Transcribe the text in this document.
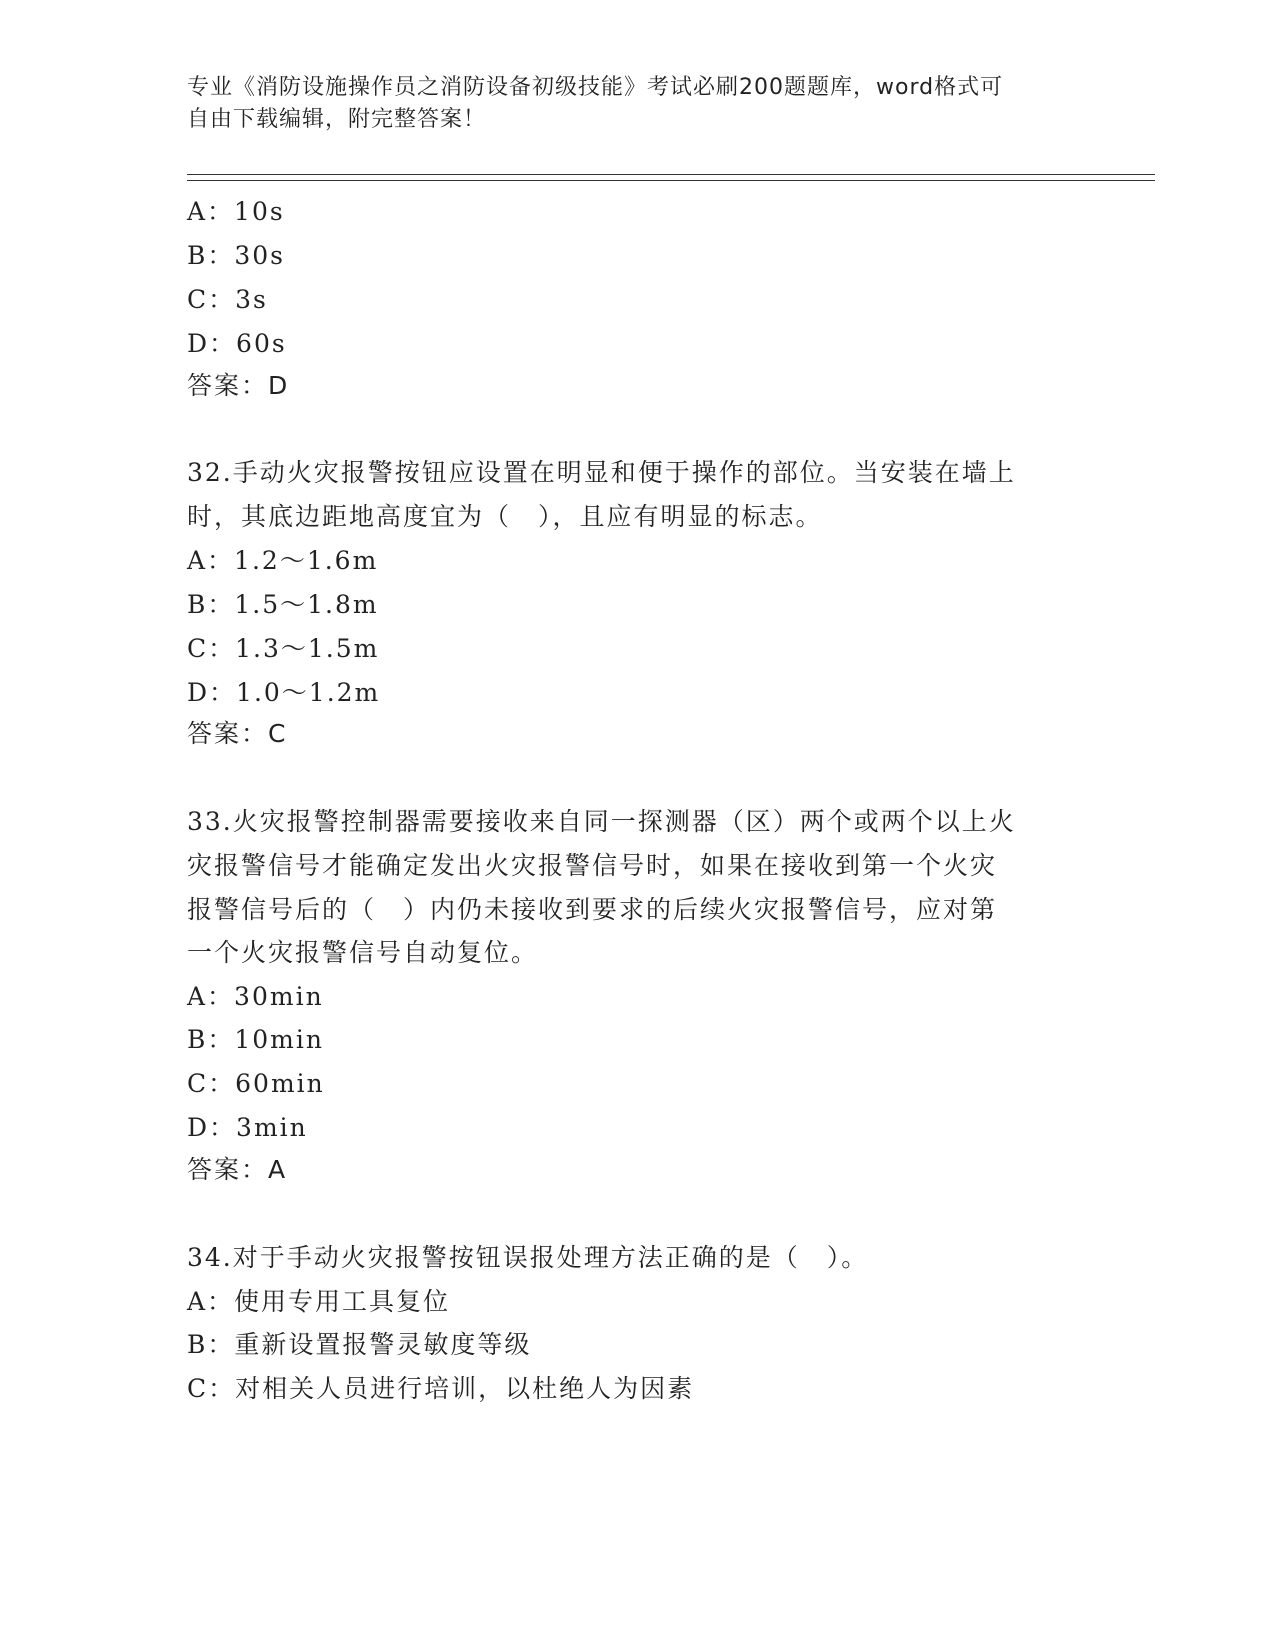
专业《消防设施操作员之消防设备初级技能》考试必刷200题题库，word格式可
自由下载编辑，附完整答案！
A：10s
B：30s
C：3s
D：60s
答案：D
32.手动火灾报警按钮应设置在明显和便于操作的部位。当安装在墙上
时，其底边距地高度宜为（　），且应有明显的标志。
A：1.2～1.6m
B：1.5～1.8m
C：1.3～1.5m
D：1.0～1.2m
答案：C
33.火灾报警控制器需要接收来自同一探测器（区）两个或两个以上火
灾报警信号才能确定发出火灾报警信号时，如果在接收到第一个火灾
报警信号后的（　）内仍未接收到要求的后续火灾报警信号，应对第
一个火灾报警信号自动复位。
A：30min
B：10min
C：60min
D：3min
答案：A
34.对于手动火灾报警按钮误报处理方法正确的是（　）。
A：使用专用工具复位
B：重新设置报警灵敏度等级
C：对相关人员进行培训，以杜绝人为因素
